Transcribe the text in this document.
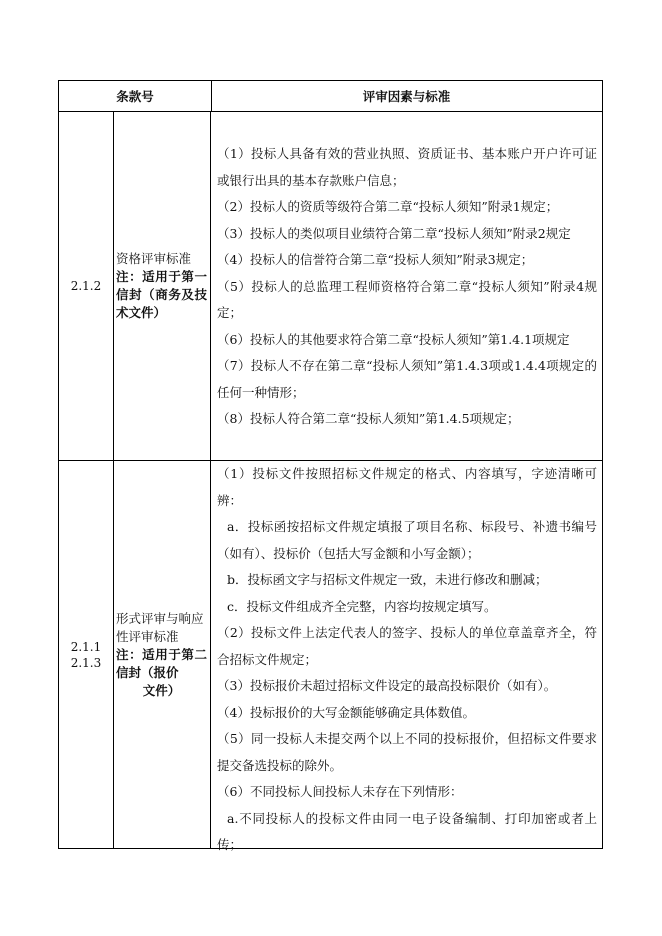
条款号	评审因素与标准
2.1.2
资格评审标准
注：适用于第一信封（商务及技术文件）

（1）投标人具备有效的营业执照、资质证书、基本账户开户许可证或银行出具的基本存款账户信息；

（2）投标人的资质等级符合第二章“投标人须知”附录1规定；

（3）投标人的类似项目业绩符合第二章“投标人须知”附录2规定

（4）投标人的信誉符合第二章“投标人须知”附录3规定；

（5）投标人的总监理工程师资格符合第二章“投标人须知”附录4规定；

（6）投标人的其他要求符合第二章“投标人须知”第1.4.1项规定

（7）投标人不存在第二章“投标人须知”第1.4.3项或1.4.4项规定的任何一种情形；

（8）投标人符合第二章“投标人须知”第1.4.5项规定；

2.1.1
2.1.3
形式评审与响应性评审标准
注：适用于第二信封（报价
文件）

（1）投标文件按照招标文件规定的格式、内容填写，字迹清晰可辨：

a．投标函按招标文件规定填报了项目名称、标段号、补遗书编号（如有）、投标价（包括大写金额和小写金额）；

b．投标函文字与招标文件规定一致，未进行修改和删减；

c．投标文件组成齐全完整，内容均按规定填写。

（2）投标文件上法定代表人的签字、投标人的单位章盖章齐全，符合招标文件规定；

（3）投标报价未超过招标文件设定的最高投标限价（如有）。

（4）投标报价的大写金额能够确定具体数值。

（5）同一投标人未提交两个以上不同的投标报价，但招标文件要求提交备选投标的除外。

（6）不同投标人间投标人未存在下列情形：

a.不同投标人的投标文件由同一电子设备编制、打印加密或者上传；
